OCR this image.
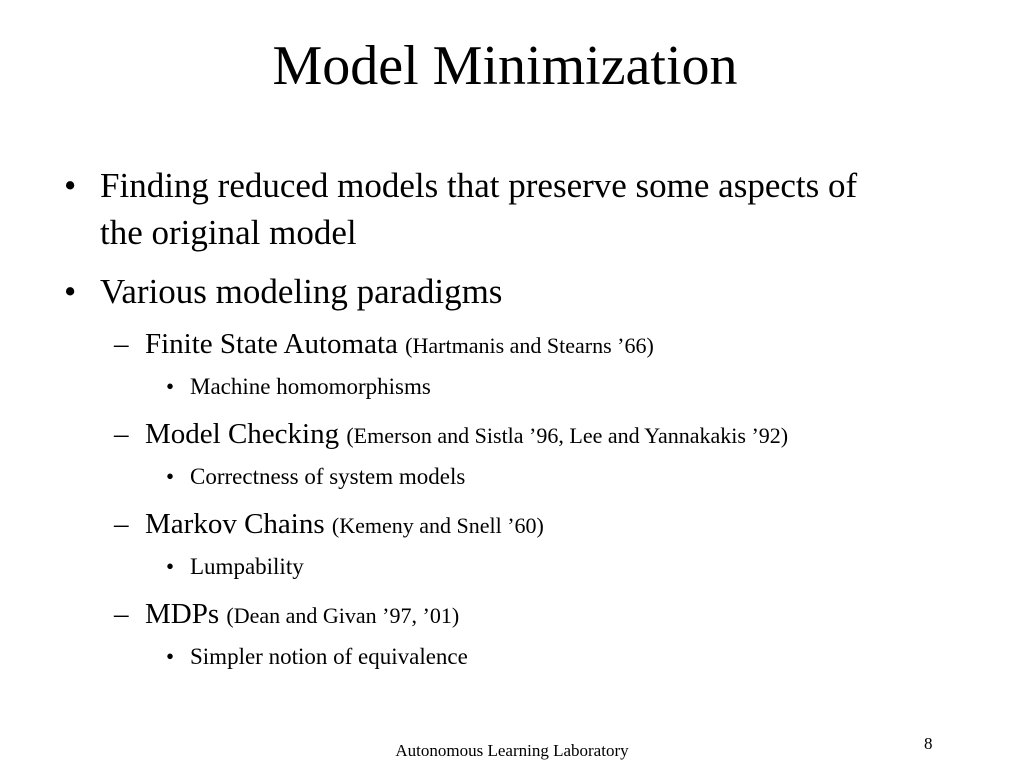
Model Minimization
• Finding reduced models that preserve some aspects of
the original model
• Various modeling paradigms
– Finite State Automata (Hartmanis and Stearns ’66)
• Machine homomorphisms
– Model Checking (Emerson and Sistla ’96, Lee and Yannakakis ’92)
• Correctness of system models
– Markov Chains (Kemeny and Snell ’60)
• Lumpability
– MDPs (Dean and Givan ’97, ’01)
• Simpler notion of equivalence
Autonomous Learning Laboratory	8
